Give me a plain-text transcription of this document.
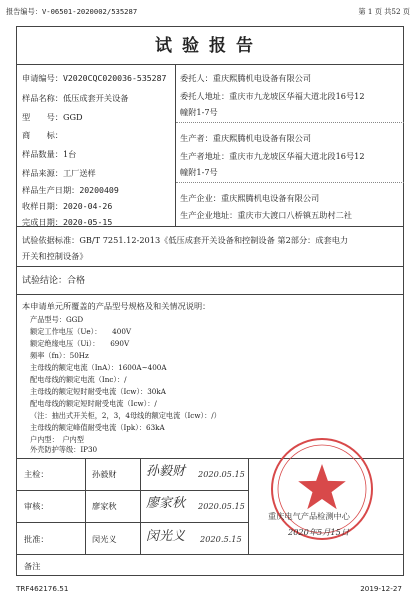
报告编号：V-06501-2020002/535287	第 1 页 共52 页
试验报告
申请编号：V2020CQC020036-535287
样品名称：低压成套开关设备
型　　号：GGD
商　　标：
样品数量：1台
样品来源：工厂送样
样品生产日期：20200409
收样日期：2020-04-26
完成日期：2020-05-15
委托人：重庆熙腾机电设备有限公司
委托人地址：重庆市九龙坡区华福大道北段16号12
幢附1-7号
生产者：重庆熙腾机电设备有限公司
生产者地址：重庆市九龙坡区华福大道北段16号12
幢附1-7号
生产企业：重庆熙腾机电设备有限公司
生产企业地址：重庆市大渡口八桥镇五助村二社
试验依据标准：GB/T 7251.12-2013《低压成套开关设备和控制设备 第2部分：成套电力
开关和控制设备》
试验结论：合格
本申请单元所覆盖的产品型号规格及和关情况说明：
产品型号：GGD
额定工作电压（Ue）：　　400V
额定绝缘电压（Ui）：　　690V
频率（fn）：50Hz
主母线的额定电流（InA）：1600A~400A
配电母线的额定电流（Inc）：/
主母线的额定短时耐受电流（Icw）：30kA
配电母线的额定短时耐受电流（Icw）：/
（注：抽出式开关柜，2，3，4母线的额定电流（Icw）：/）
主母线的额定峰值耐受电流（Ipk）：63kA
户内型：　户内型
外壳防护等级：IP30
主检：	孙毅财 孙毅财 2020.05.15
审核：	廖家秋 廖家秋 2020.05.15
批准：	闵光义 闵光义 2020.5.15
重庆电气产品检测中心
2020年5月15日
备注
TRF462176.51	2019-12-27
